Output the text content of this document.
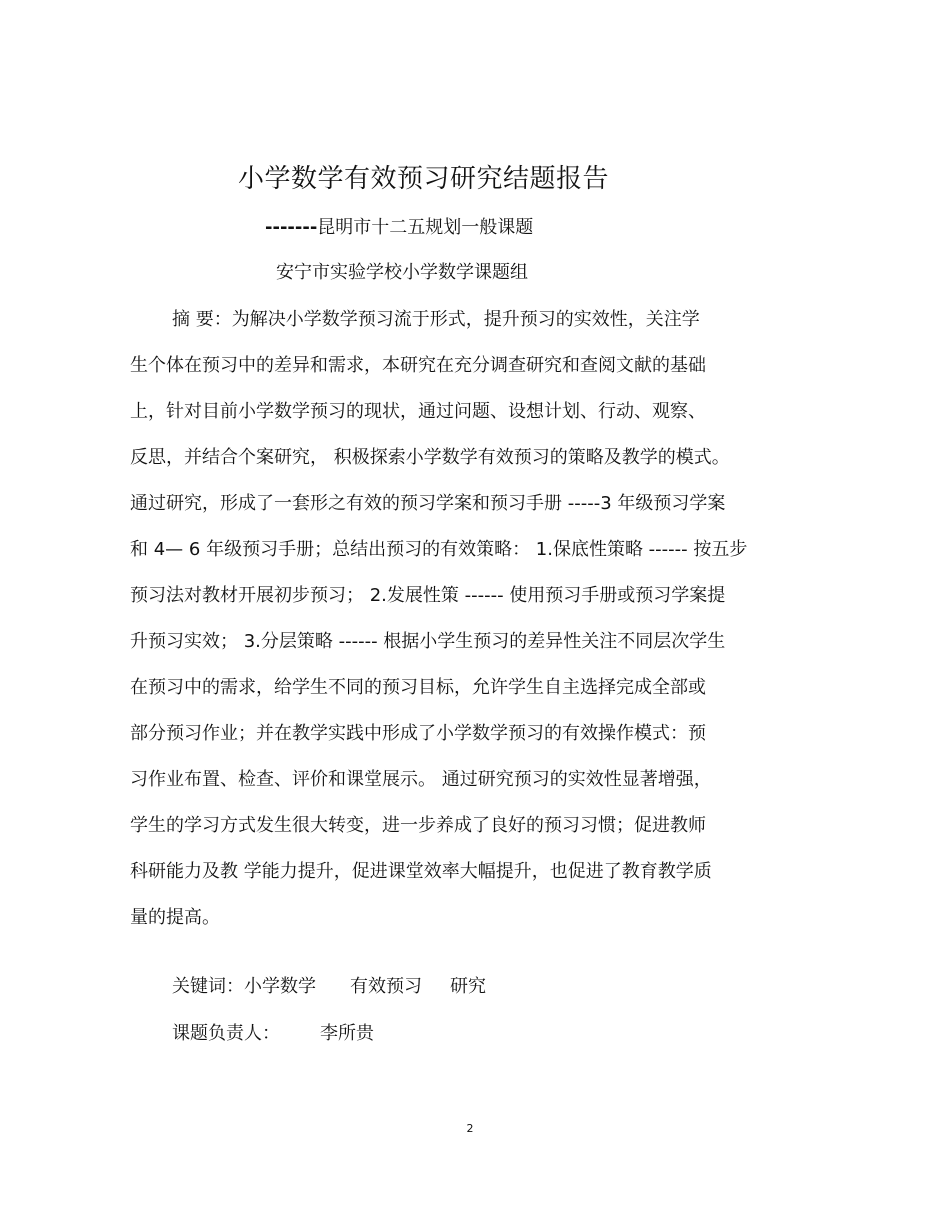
小学数学有效预习研究结题报告
-------昆明市十二五规划一般课题
安宁市实验学校小学数学课题组
摘 要：为解决小学数学预习流于形式，提升预习的实效性，关注学
生个体在预习中的差异和需求，本研究在充分调查研究和查阅文献的基础
上，针对目前小学数学预习的现状，通过问题、设想计划、行动、观察、
反思，并结合个案研究， 积极探索小学数学有效预习的策略及教学的模式。
通过研究，形成了一套形之有效的预习学案和预习手册 -----3 年级预习学案
和 4— 6 年级预习手册；总结出预习的有效策略： 1.保底性策略 ------ 按五步
预习法对教材开展初步预习； 2.发展性策 ------ 使用预习手册或预习学案提
升预习实效； 3.分层策略 ------ 根据小学生预习的差异性关注不同层次学生
在预习中的需求，给学生不同的预习目标，允许学生自主选择完成全部或
部分预习作业；并在教学实践中形成了小学数学预习的有效操作模式：预
习作业布置、检查、评价和课堂展示。 通过研究预习的实效性显著增强，
学生的学习方式发生很大转变，进一步养成了良好的预习习惯；促进教师
科研能力及教 学能力提升，促进课堂效率大幅提升，也促进了教育教学质
量的提高。
关键词：小学数学 有效预习 研究
课题负责人： 李所贵
2
